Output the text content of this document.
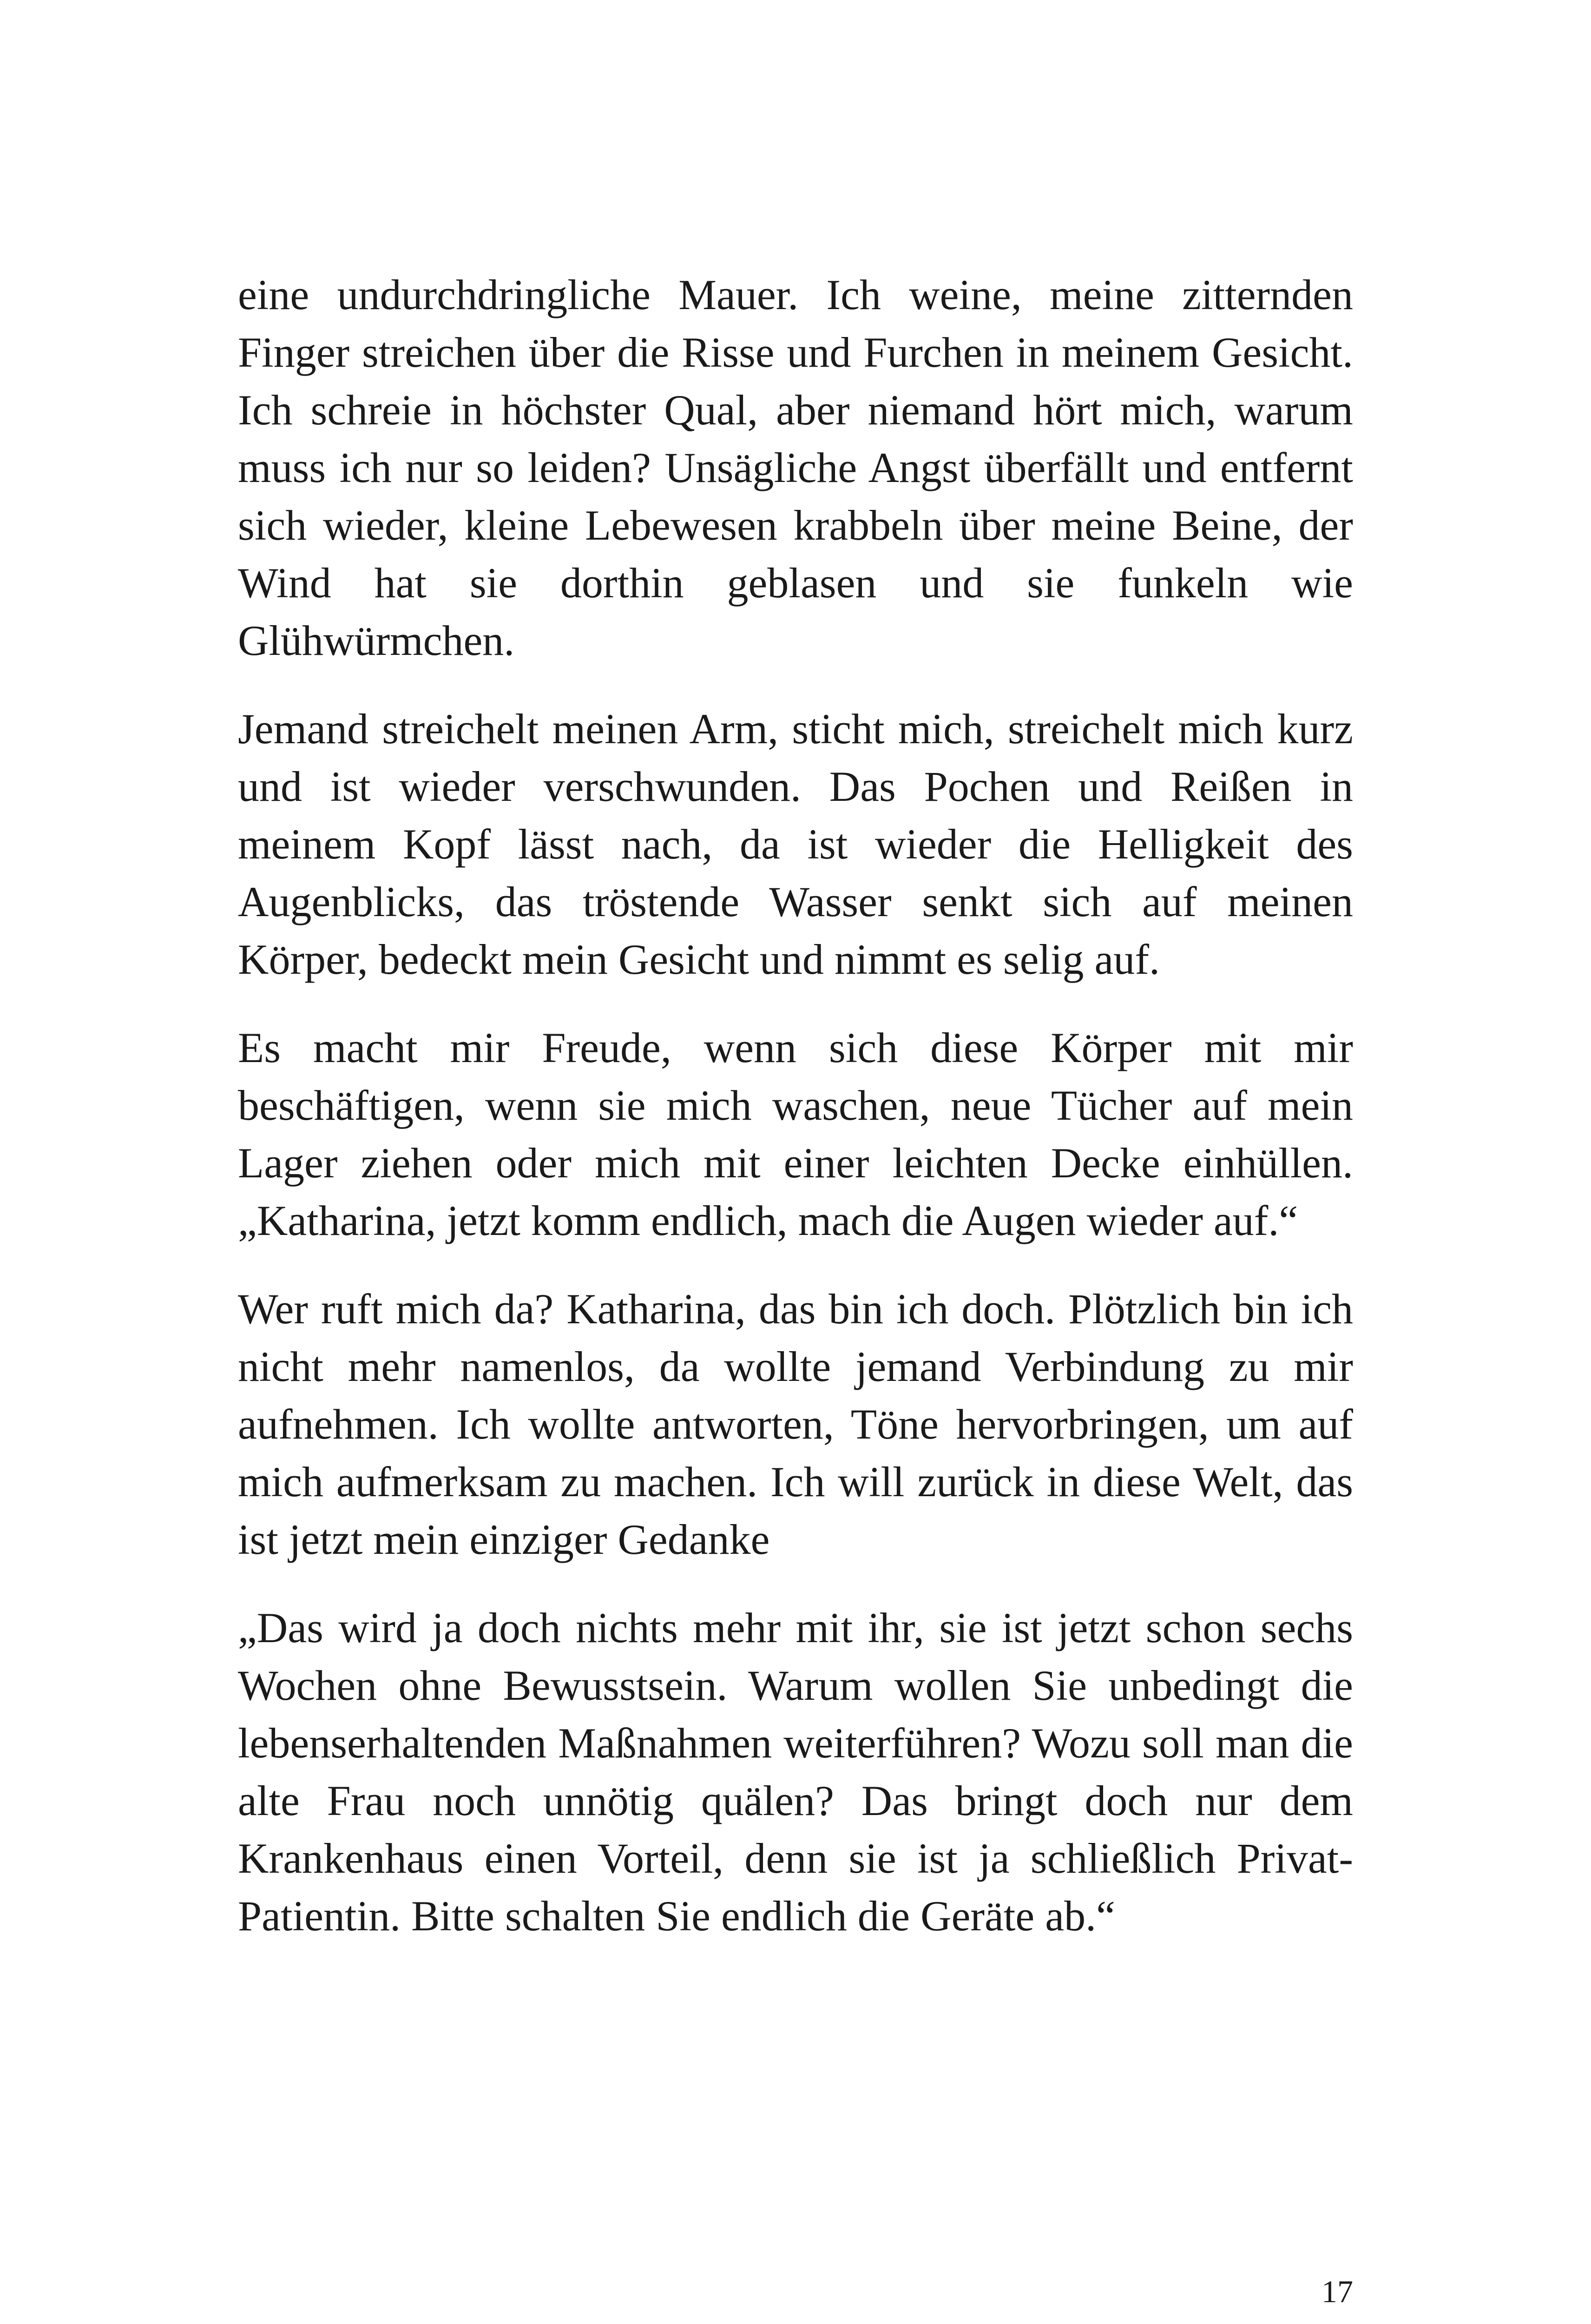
eine undurchdringliche Mauer. Ich weine, meine zitternden Finger streichen über die Risse und Furchen in meinem Gesicht. Ich schreie in höchster Qual, aber niemand hört mich, warum muss ich nur so leiden? Unsägliche Angst überfällt und entfernt sich wieder, kleine Lebewesen krabbeln über meine Beine, der Wind hat sie dorthin geblasen und sie funkeln wie Glühwürmchen.

Jemand streichelt meinen Arm, sticht mich, streichelt mich kurz und ist wieder verschwunden. Das Pochen und Reißen in meinem Kopf lässt nach, da ist wieder die Helligkeit des Augenblicks, das tröstende Wasser senkt sich auf meinen Körper, bedeckt mein Gesicht und nimmt es selig auf.

Es macht mir Freude, wenn sich diese Körper mit mir beschäftigen, wenn sie mich waschen, neue Tücher auf mein Lager ziehen oder mich mit einer leichten Decke einhüllen. „Katharina, jetzt komm endlich, mach die Augen wieder auf.“

Wer ruft mich da? Katharina, das bin ich doch. Plötzlich bin ich nicht mehr namenlos, da wollte jemand Verbindung zu mir aufnehmen. Ich wollte antworten, Töne hervorbringen, um auf mich aufmerksam zu machen. Ich will zurück in diese Welt, das ist jetzt mein einziger Gedanke

„Das wird ja doch nichts mehr mit ihr, sie ist jetzt schon sechs Wochen ohne Bewusstsein. Warum wollen Sie unbedingt die lebenserhaltenden Maßnahmen weiterführen? Wozu soll man die alte Frau noch unnötig quälen? Das bringt doch nur dem Krankenhaus einen Vorteil, denn sie ist ja schließlich Privat-Patientin. Bitte schalten Sie endlich die Geräte ab.“

17
